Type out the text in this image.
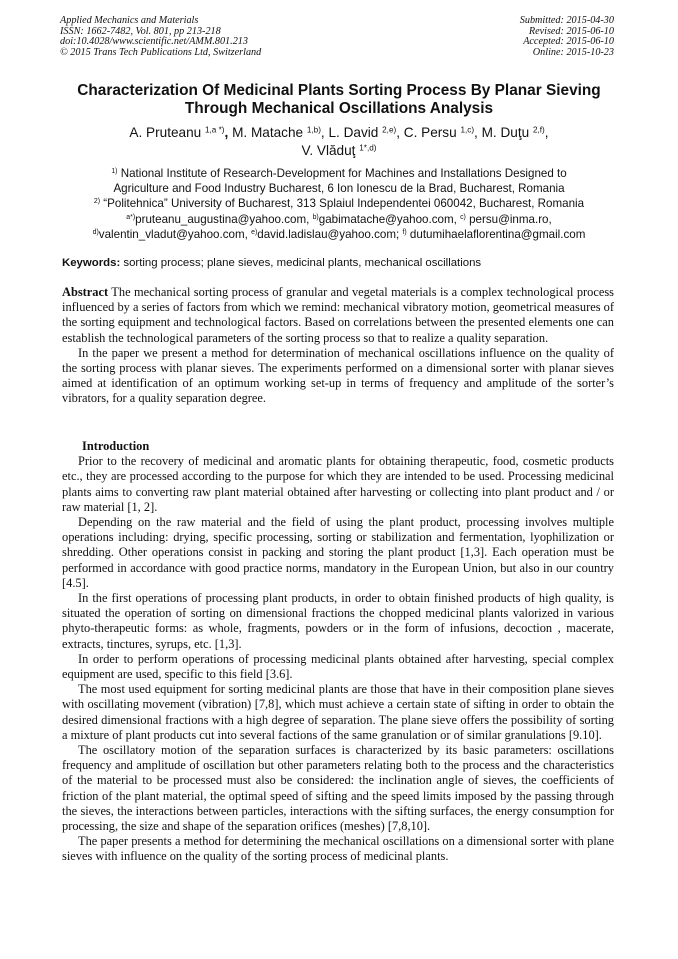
Applied Mechanics and Materials
ISSN: 1662-7482, Vol. 801, pp 213-218
doi:10.4028/www.scientific.net/AMM.801.213
© 2015 Trans Tech Publications Ltd, Switzerland
Submitted: 2015-04-30
Revised: 2015-06-10
Accepted: 2015-06-10
Online: 2015-10-23
Characterization Of Medicinal Plants Sorting Process By Planar Sieving
Through Mechanical Oscillations Analysis
A. Pruteanu $^{1,a *)}$, M. Matache $^{1,b)}$, L. David $^{2,e)}$, C. Persu $^{1,c)}$, M. Duţu $^{2,f)}$,
V. Vlăduţ $^{1*,d)}$
$^{1)}$ National Institute of Research-Development for Machines and Installations Designed to
Agriculture and Food Industry Bucharest, 6 Ion Ionescu de la Brad, Bucharest, Romania
$^{2)}$ “Politehnica” University of Bucharest, 313 Splaiul Independentei 060042, Bucharest, Romania
$^{a*)}$pruteanu_augustina@yahoo.com, $^{b)}$gabimatache@yahoo.com, $^{c)}$ persu@inma.ro,
$^{d)}$valentin_vladut@yahoo.com, $^{e)}$david.ladislau@yahoo.com; $^{f)}$ dutumihaelaflorentina@gmail.com
Keywords: sorting process; plane sieves, medicinal plants, mechanical oscillations

Abstract The mechanical sorting process of granular and vegetal materials is a complex technological process influenced by a series of factors from which we remind: mechanical vibratory motion, geometrical measures of the sorting equipment and technological factors. Based on correlations between the presented elements one can establish the technological parameters of the sorting process so that to realize a quality separation.

In the paper we present a method for determination of mechanical oscillations influence on the quality of the sorting process with planar sieves. The experiments performed on a dimensional sorter with planar sieves aimed at identification of an optimum working set-up in terms of frequency and amplitude of the sorter’s vibrators, for a quality separation degree.

Introduction

Prior to the recovery of medicinal and aromatic plants for obtaining therapeutic, food, cosmetic products etc., they are processed according to the purpose for which they are intended to be used. Processing medicinal plants aims to converting raw plant material obtained after harvesting or collecting into plant product and / or raw material [1, 2].

Depending on the raw material and the field of using the plant product, processing involves multiple operations including: drying, specific processing, sorting or stabilization and fermentation, lyophilization or shredding. Other operations consist in packing and storing the plant product [1,3]. Each operation must be performed in accordance with good practice norms, mandatory in the European Union, but also in our country [4.5].

In the first operations of processing plant products, in order to obtain finished products of high quality, is situated the operation of sorting on dimensional fractions the chopped medicinal plants valorized in various phyto-therapeutic forms: as whole, fragments, powders or in the form of infusions, decoction , macerate, extracts, tinctures, syrups, etc. [1,3].

In order to perform operations of processing medicinal plants obtained after harvesting, special complex equipment are used, specific to this field [3.6].

The most used equipment for sorting medicinal plants are those that have in their composition plane sieves with oscillating movement (vibration) [7,8], which must achieve a certain state of sifting in order to obtain the desired dimensional fractions with a high degree of separation. The plane sieve offers the possibility of sorting a mixture of plant products cut into several factions of the same granulation or of similar granulations [9.10].

The oscillatory motion of the separation surfaces is characterized by its basic parameters: oscillations frequency and amplitude of oscillation but other parameters relating both to the process and the characteristics of the material to be processed must also be considered: the inclination angle of sieves, the coefficients of friction of the plant material, the optimal speed of sifting and the speed limits imposed by the passing through the sieves, the interactions between particles, interactions with the sifting surfaces, the energy consumption for processing, the size and shape of the separation orifices (meshes) [7,8,10].

The paper presents a method for determining the mechanical oscillations on a dimensional sorter with plane sieves with influence on the quality of the sorting process of medicinal plants.
